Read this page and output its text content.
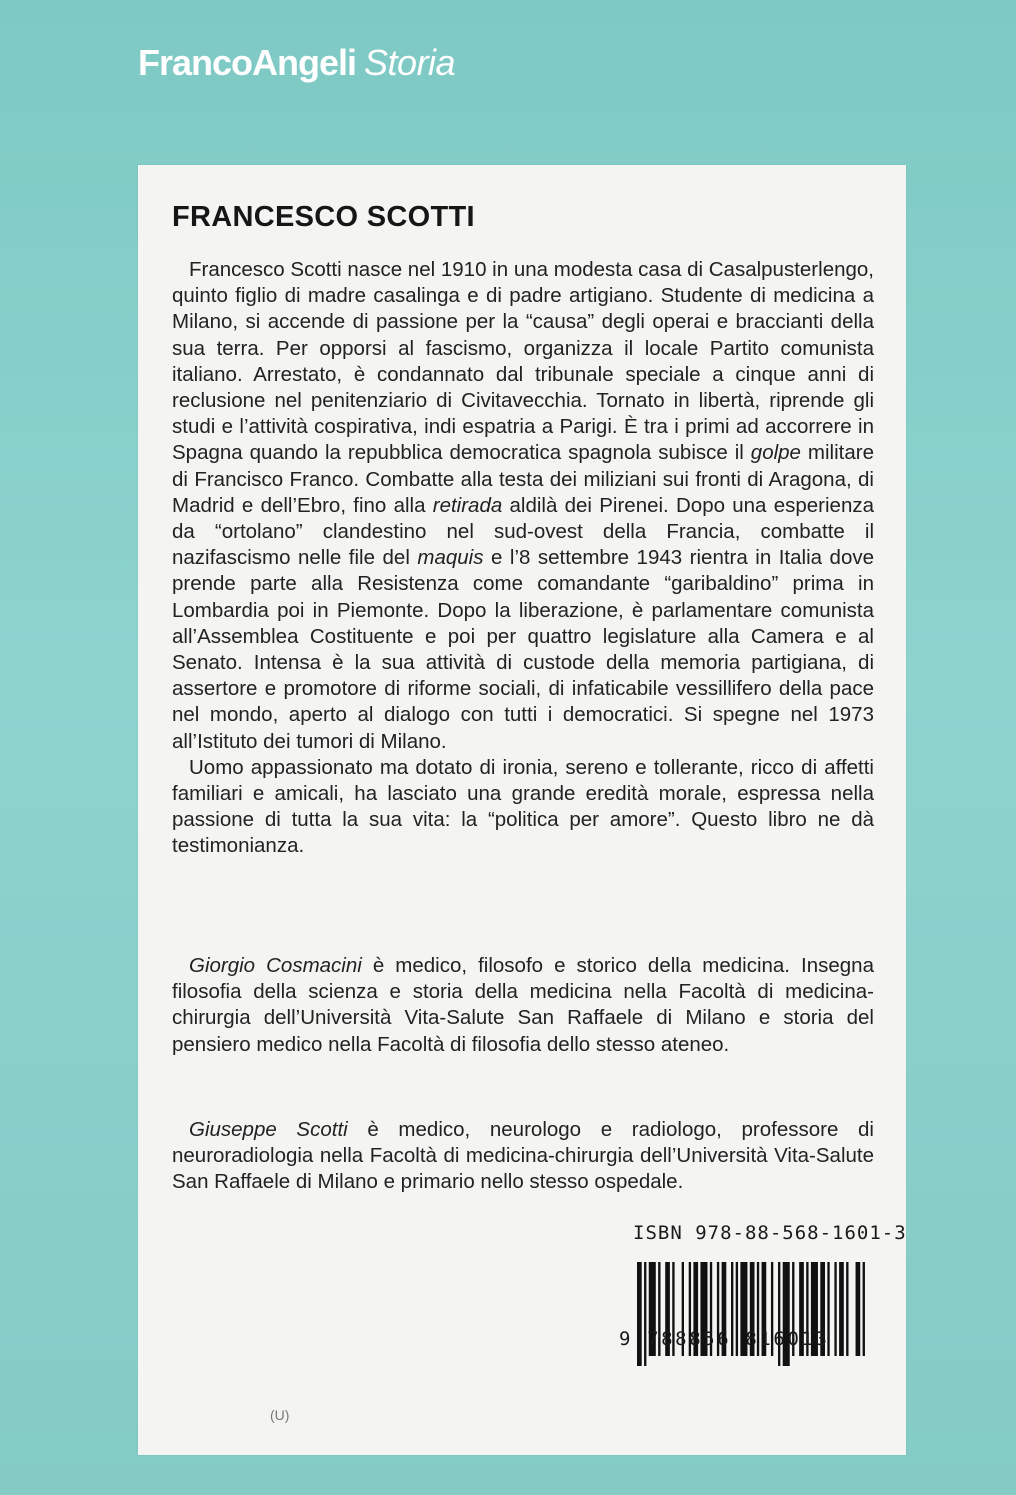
FrancoAngeli Storia
FRANCESCO SCOTTI

Francesco Scotti nasce nel 1910 in una modesta casa di Casalpusterlengo, quinto figlio di madre casalinga e di padre artigiano. Studente di medicina a Milano, si accende di passione per la “causa” degli operai e braccianti della sua terra. Per opporsi al fascismo, organizza il locale Partito comunista italiano. Arrestato, è condannato dal tribunale speciale a cinque anni di reclusione nel penitenziario di Civitavecchia. Tornato in libertà, riprende gli studi e l’attività cospirativa, indi espatria a Parigi. È tra i primi ad accorrere in Spagna quando la repubblica democratica spagnola subisce il golpe militare di Francisco Franco. Combatte alla testa dei miliziani sui fronti di Aragona, di Madrid e dell’Ebro, fino alla retirada aldilà dei Pirenei. Dopo una esperienza da “ortolano” clandestino nel sud-ovest della Francia, combatte il nazifascismo nelle file del maquis e l’8 settembre 1943 rientra in Italia dove prende parte alla Resistenza come comandante “garibaldino” prima in Lombardia poi in Piemonte. Dopo la liberazione, è parlamentare comunista all’Assemblea Costituente e poi per quattro legislature alla Camera e al Senato. Intensa è la sua attività di custode della memoria partigiana, di assertore e promotore di riforme sociali, di infaticabile vessillifero della pace nel mondo, aperto al dialogo con tutti i democratici. Si spegne nel 1973 all’Istituto dei tumori di Milano.

Uomo appassionato ma dotato di ironia, sereno e tollerante, ricco di affetti familiari e amicali, ha lasciato una grande eredità morale, espressa nella passione di tutta la sua vita: la “politica per amore”. Questo libro ne dà testimonianza.

Giorgio Cosmacini è medico, filosofo e storico della medicina. Insegna filosofia della scienza e storia della medicina nella Facoltà di medicina-chirurgia dell’Università Vita-Salute San Raffaele di Milano e storia del pensiero medico nella Facoltà di filosofia dello stesso ateneo.

Giuseppe Scotti è medico, neurologo e radiologo, professore di neuroradiologia nella Facoltà di medicina-chirurgia dell’Università Vita-Salute San Raffaele di Milano e primario nello stesso ospedale.

ISBN 978-88-568-1601-3
9 788856 816013
(U)
